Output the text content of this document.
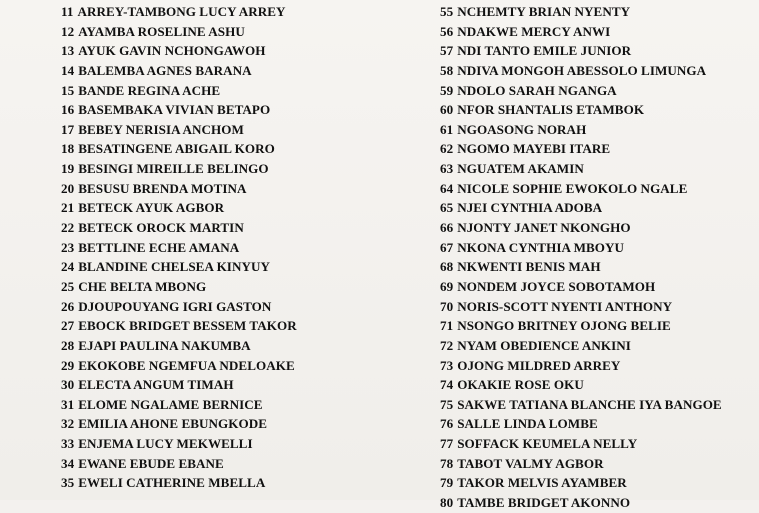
11 ARREY-TAMBONG LUCY ARREY
12 AYAMBA ROSELINE ASHU
13 AYUK GAVIN NCHONGAWOH
14 BALEMBA AGNES BARANA
15 BANDE REGINA ACHE
16 BASEMBAKA VIVIAN BETAPO
17 BEBEY NERISIA ANCHOM
18 BESATINGENE ABIGAIL KORO
19 BESINGI MIREILLE BELINGO
20 BESUSU BRENDA MOTINA
21 BETECK AYUK AGBOR
22 BETECK OROCK MARTIN
23 BETTLINE ECHE AMANA
24 BLANDINE CHELSEA KINYUY
25 CHE BELTA MBONG
26 DJOUPOUYANG IGRI GASTON
27 EBOCK BRIDGET BESSEM TAKOR
28 EJAPI PAULINA NAKUMBA
29 EKOKOBE NGEMFUA NDELOAKE
30 ELECTA ANGUM TIMAH
31 ELOME NGALAME BERNICE
32 EMILIA AHONE EBUNGKODE
33 ENJEMA LUCY MEKWELLI
34 EWANE EBUDE EBANE
35 EWELI CATHERINE MBELLA
55 NCHEMTY BRIAN NYENTY
56 NDAKWE MERCY ANWI
57 NDI TANTO EMILE JUNIOR
58 NDIVA MONGOH ABESSOLO LIMUNGA
59 NDOLO SARAH NGANGA
60 NFOR SHANTALIS ETAMBOK
61 NGOASONG NORAH
62 NGOMO MAYEBI ITARE
63 NGUATEM AKAMIN
64 NICOLE SOPHIE EWOKOLO NGALE
65 NJEI CYNTHIA ADOBA
66 NJONTY JANET NKONGHO
67 NKONA CYNTHIA MBOYU
68 NKWENTI BENIS MAH
69 NONDEM JOYCE SOBOTAMOH
70 NORIS-SCOTT NYENTI ANTHONY
71 NSONGO BRITNEY OJONG BELIE
72 NYAM OBEDIENCE ANKINI
73 OJONG MILDRED ARREY
74 OKAKIE ROSE OKU
75 SAKWE TATIANA BLANCHE IYA BANGOE
76 SALLE LINDA LOMBE
77 SOFFACK KEUMELA NELLY
78 TABOT VALMY AGBOR
79 TAKOR MELVIS AYAMBER
80 TAMBE BRIDGET AKONNO
